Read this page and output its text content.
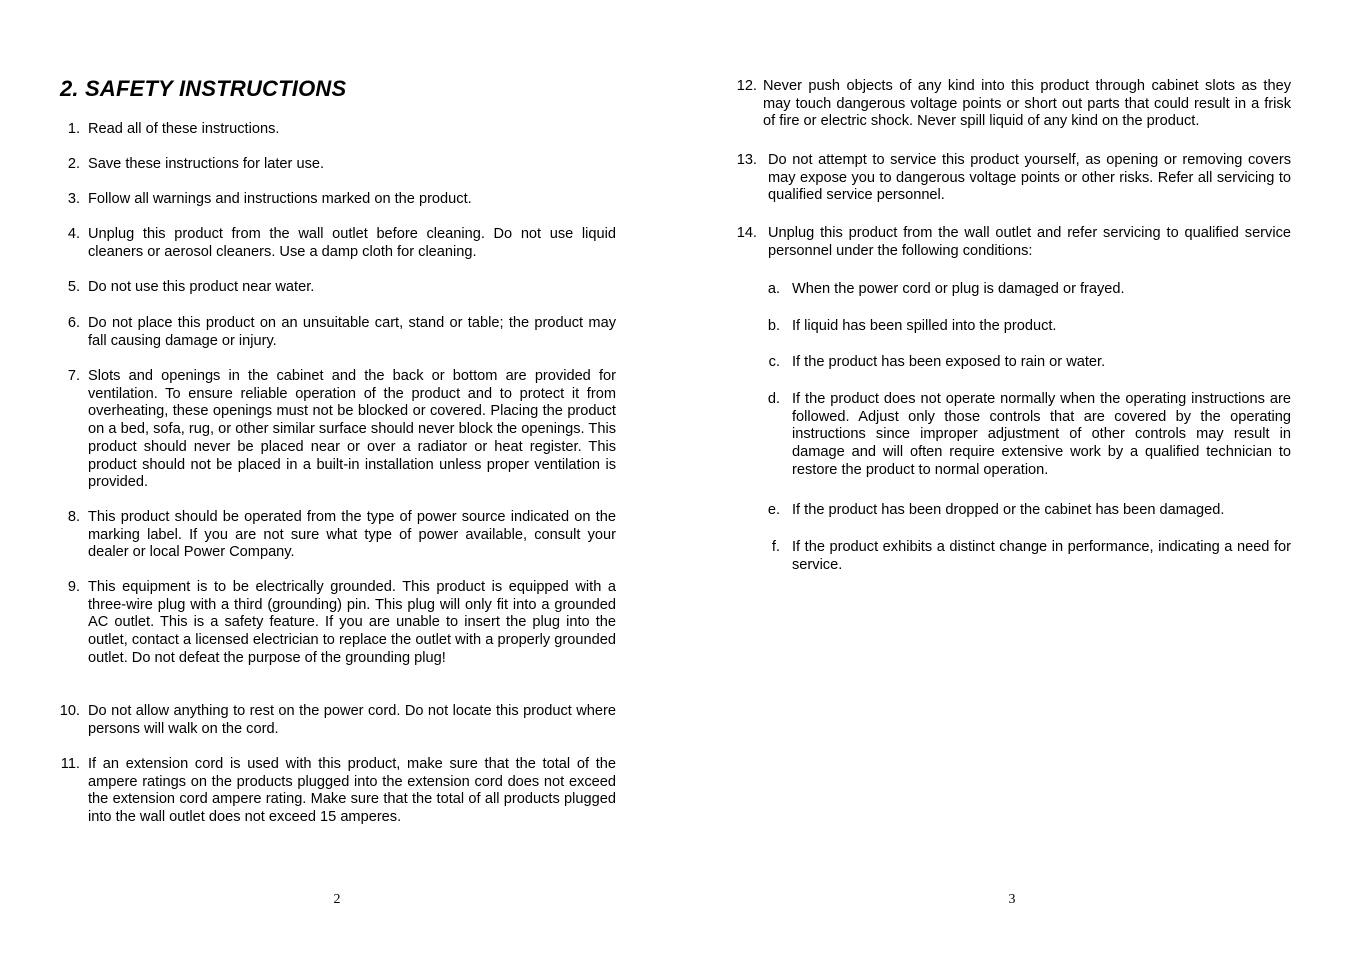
2. SAFETY INSTRUCTIONS
1. Read all of these instructions.
2. Save these instructions for later use.
3. Follow all warnings and instructions marked on the product.
4. Unplug this product from the wall outlet before cleaning. Do not use liquid cleaners or aerosol cleaners. Use a damp cloth for cleaning.
5. Do not use this product near water.
6. Do not place this product on an unsuitable cart, stand or table; the product may fall causing damage or injury.
7. Slots and openings in the cabinet and the back or bottom are provided for ventilation. To ensure reliable operation of the product and to protect it from overheating, these openings must not be blocked or covered. Placing the product on a bed, sofa, rug, or other similar surface should never block the openings. This product should never be placed near or over a radiator or heat register. This product should not be placed in a built-in installation unless proper ventilation is provided.
8. This product should be operated from the type of power source indicated on the marking label. If you are not sure what type of power available, consult your dealer or local Power Company.
9. This equipment is to be electrically grounded. This product is equipped with a three-wire plug with a third (grounding) pin. This plug will only fit into a grounded AC outlet. This is a safety feature. If you are unable to insert the plug into the outlet, contact a licensed electrician to replace the outlet with a properly grounded outlet. Do not defeat the purpose of the grounding plug!
10. Do not allow anything to rest on the power cord. Do not locate this product where persons will walk on the cord.
11. If an extension cord is used with this product, make sure that the total of the ampere ratings on the products plugged into the extension cord does not exceed the extension cord ampere rating. Make sure that the total of all products plugged into the wall outlet does not exceed 15 amperes.
2
12. Never push objects of any kind into this product through cabinet slots as they may touch dangerous voltage points or short out parts that could result in a frisk of fire or electric shock. Never spill liquid of any kind on the product.
13. Do not attempt to service this product yourself, as opening or removing covers may expose you to dangerous voltage points or other risks. Refer all servicing to qualified service personnel.
14. Unplug this product from the wall outlet and refer servicing to qualified service personnel under the following conditions:
a. When the power cord or plug is damaged or frayed.
b. If liquid has been spilled into the product.
c. If the product has been exposed to rain or water.
d. If the product does not operate normally when the operating instructions are followed. Adjust only those controls that are covered by the operating instructions since improper adjustment of other controls may result in damage and will often require extensive work by a qualified technician to restore the product to normal operation.
e. If the product has been dropped or the cabinet has been damaged.
f. If the product exhibits a distinct change in performance, indicating a need for service.
3
